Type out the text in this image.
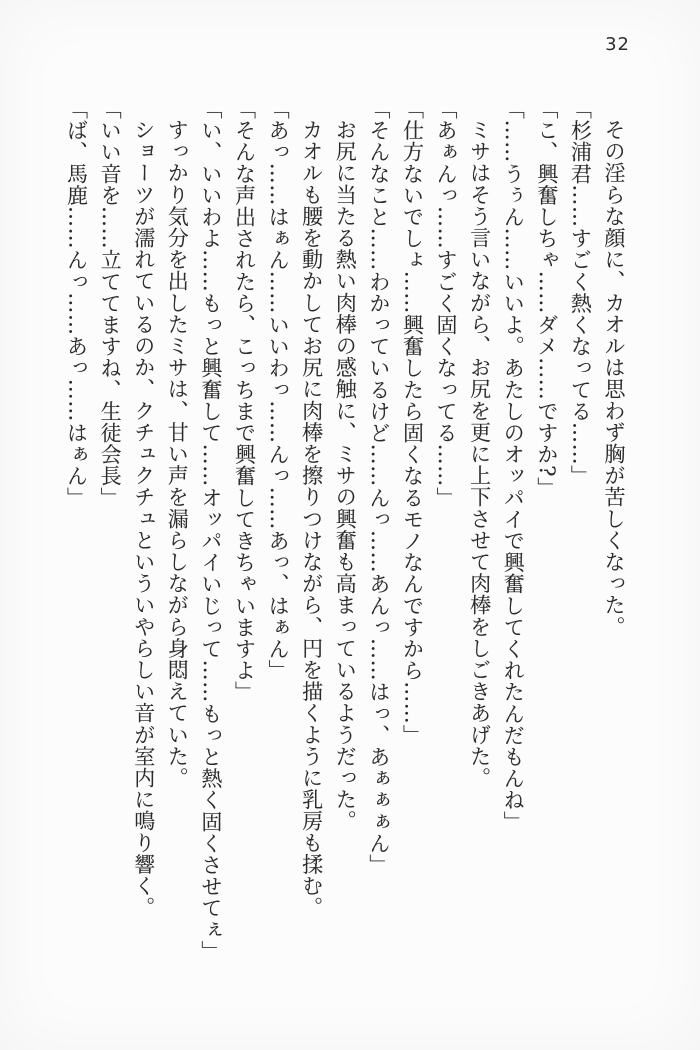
32

その淫らな顔に、カオルは思わず胸が苦しくなった。

「杉浦君……すごく熱くなってる……」

「こ、興奮しちゃ……ダメ……ですか?」

「……うぅん……いいよ。あたしのオッパイで興奮してくれたんだもんね」

ミサはそう言いながら、お尻を更に上下させて肉棒をしごきあげた。

「あぁんっ……すごく固くなってる……」

「仕方ないでしょ……興奮したら固くなるモノなんですから……」

「そんなこと……わかっているけど……んっ……あんっ……はっ、あぁぁぁん」

お尻に当たる熱い肉棒の感触に、ミサの興奮も高まっているようだった。

カオルも腰を動かしてお尻に肉棒を擦りつけながら、円を描くように乳房も揉む。

「あっ……はぁん……いいわっ……んっ……あっ、はぁん」

「そんな声出されたら、こっちまで興奮してきちゃいますよ」

「い、いいわよ……もっと興奮して……オッパイいじって……もっと熱く固くさせてぇ」

すっかり気分を出したミサは、甘い声を漏らしながら身悶えていた。

ショーツが濡れているのか、クチュクチュといういやらしい音が室内に鳴り響く。

「いい音を……立ててますね、生徒会長」

「ば、馬鹿……んっ……あっ……はぁん」
